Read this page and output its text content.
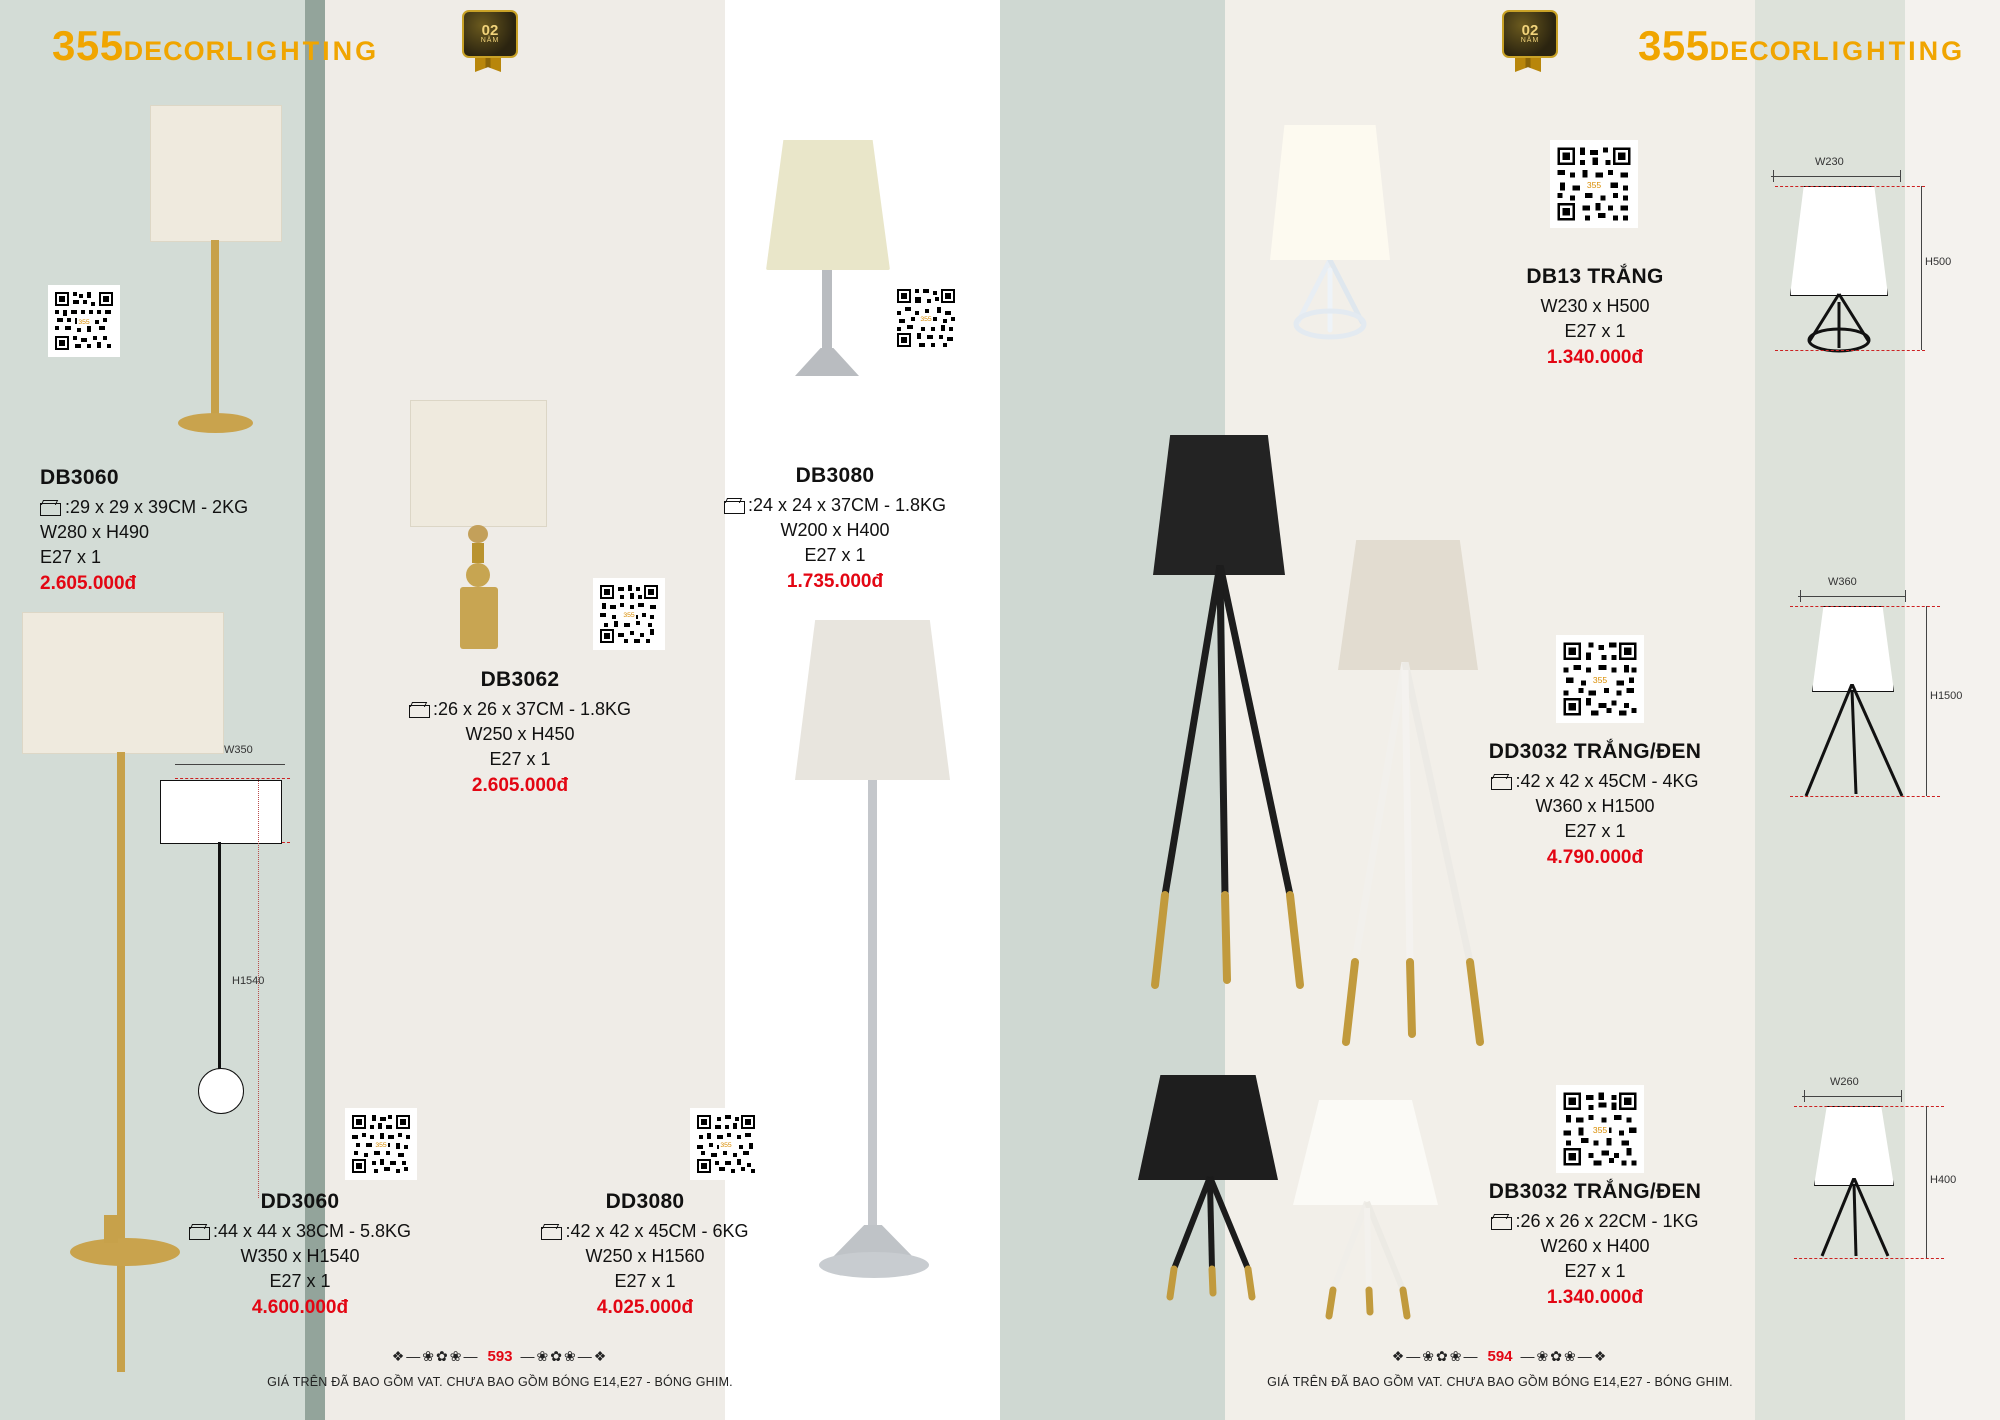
355DECORLIGHTING
02
NĂM
02
NĂM 355DECORLIGHTING
355
DB3060
:29 x 29 x 39CM - 2KG
W280 x H490
E27 x 1
2.605.000đ
W350
H1540
355
DD3060
:44 x 44 x 38CM - 5.8KG
W350 x H1540
E27 x 1
4.600.000đ
355
DB3062
:26 x 26 x 37CM - 1.8KG
W250 x H450
E27 x 1
2.605.000đ
355
DB3080
:24 x 24 x 37CM - 1.8KG
W200 x H400
E27 x 1
1.735.000đ
355
DD3080
:42 x 42 x 45CM - 6KG
W250 x H1560
E27 x 1
4.025.000đ
355
DB13 TRẮNG
W230 x H500
E27 x 1
1.340.000đ
W230
H500
355
DD3032 TRẮNG/ĐEN
:42 x 42 x 45CM - 4KG
W360 x H1500
E27 x 1
4.790.000đ
W360
H1500
355
DB3032 TRẮNG/ĐEN
:26 x 26 x 22CM - 1KG
W260 x H400
E27 x 1
1.340.000đ
W260
H400
❖—❀✿❀— 593 —❀✿❀—❖
GIÁ TRÊN ĐÃ BAO GỒM VAT. CHƯA BAO GỒM BÓNG E14,E27 - BÓNG GHIM.
❖—❀✿❀— 594 —❀✿❀—❖
GIÁ TRÊN ĐÃ BAO GỒM VAT. CHƯA BAO GỒM BÓNG E14,E27 - BÓNG GHIM.
